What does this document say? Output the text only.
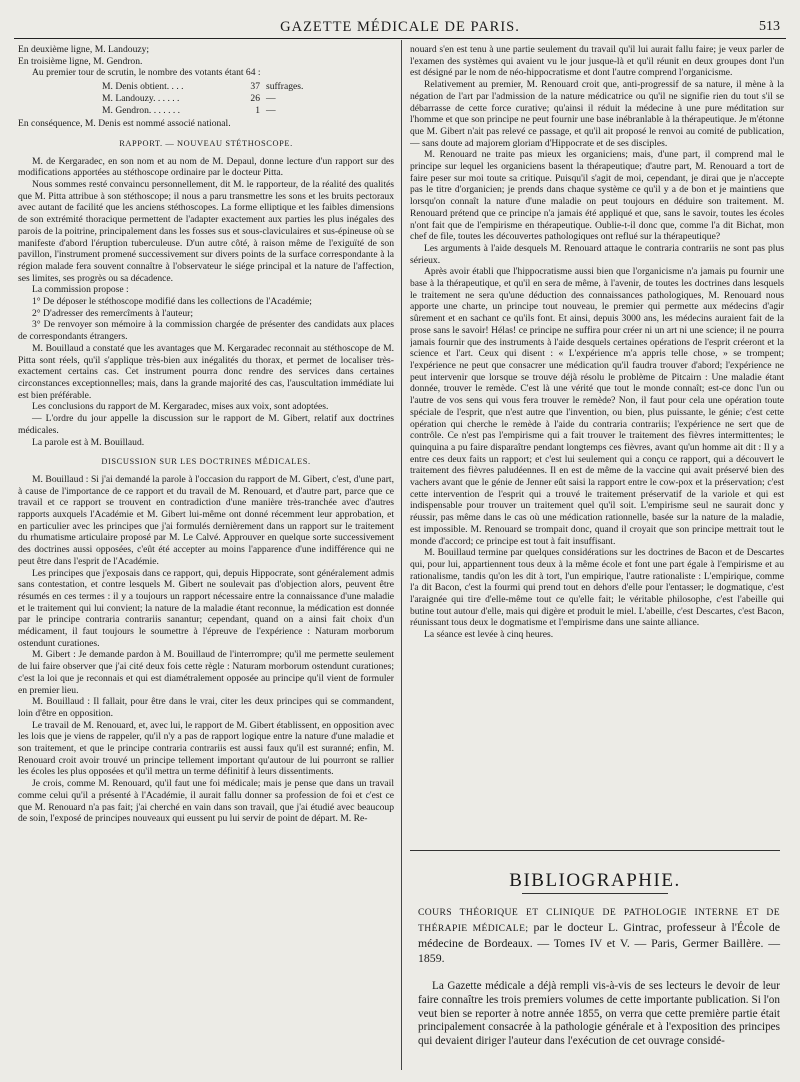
GAZETTE MÉDICALE DE PARIS.	513

En deuxième ligne, M. Landouzy;

En troisième ligne, M. Gendron.

Au premier tour de scrutin, le nombre des votants étant 64 :

M. Denis obtient. . . .	37 suffrages.
M. Landouzy. . . . . .	26 —
M. Gendron. . . . . . .	1 —

En conséquence, M. Denis est nommé associé national.

RAPPORT. — NOUVEAU STÉTHOSCOPE.

M. de Kergaradec, en son nom et au nom de M. Depaul, donne lecture d'un rapport sur des modifications apportées au stéthoscope ordinaire par le docteur Pitta.

Nous sommes resté convaincu personnellement, dit M. le rapporteur, de la réalité des qualités que M. Pitta attribue à son stéthoscope; il nous a paru transmettre les sons et les bruits pectoraux avec autant de facilité que les anciens stéthoscopes. La forme elliptique et les faibles dimensions de son extrémité thoracique permettent de l'adapter exactement aux parties les plus inégales des parois de la poitrine, principalement dans les fosses sus et sous-claviculaires et sus-épineuse où se manifeste d'abord l'éruption tuberculeuse. D'un autre côté, à raison même de l'exiguïté de son pavillon, l'instrument promené successivement sur divers points de la surface correspondante à la région malade fera souvent connaître à l'observateur le siége principal et la nature de l'affection, ses limites, ses progrès ou sa décadence.

La commission propose :

1° De déposer le stéthoscope modifié dans les collections de l'Académie;

2° D'adresser des remercîments à l'auteur;

3° De renvoyer son mémoire à la commission chargée de présenter des candidats aux places de correspondants étrangers.

M. Bouillaud a constaté que les avantages que M. Kergaradec reconnait au stéthoscope de M. Pitta sont réels, qu'il s'applique très-bien aux inégalités du thorax, et permet de localiser très-exactement certains cas. Cet instrument pourra donc rendre des services dans certaines circonstances exceptionnelles; mais, dans la grande majorité des cas, l'auscultation immédiate lui est bien préférable.

Les conclusions du rapport de M. Kergaradec, mises aux voix, sont adoptées.

— L'ordre du jour appelle la discussion sur le rapport de M. Gibert, relatif aux doctrines médicales.

La parole est à M. Bouillaud.

DISCUSSION SUR LES DOCTRINES MÉDICALES.

M. Bouillaud : Si j'ai demandé la parole à l'occasion du rapport de M. Gibert, c'est, d'une part, à cause de l'importance de ce rapport et du travail de M. Renouard, et d'autre part, parce que ce travail et ce rapport se trouvent en contradiction d'une manière très-tranchée avec d'autres rapports auxquels l'Académie et M. Gibert lui-même ont donné récemment leur approbation, et en particulier avec les principes que j'ai formulés dernièrement dans un rapport sur le traitement du rhumatisme articulaire proposé par M. Le Calvé. Approuver en quelque sorte successivement des doctrines aussi opposées, c'eût été accepter au moins l'apparence d'une indifférence qui ne peut être dans l'esprit de l'Académie.

Les principes que j'exposais dans ce rapport, qui, depuis Hippocrate, sont généralement admis sans contestation, et contre lesquels M. Gibert ne soulevait pas d'objection alors, peuvent être résumés en ces termes : il y a toujours un rapport nécessaire entre la connaissance d'une maladie et le traitement qui lui convient; la nature de la maladie étant reconnue, la médication est donnée par le principe contraria contrariis sanantur; cependant, quand on a ainsi fait choix d'un médicament, il faut toujours le soumettre à l'épreuve de l'expérience : Naturam morborum ostendunt curationes.

M. Gibert : Je demande pardon à M. Bouillaud de l'interrompre; qu'il me permette seulement de lui faire observer que j'ai cité deux fois cette règle : Naturam morborum ostendunt curationes; c'est la loi que je reconnais et qui est diamétralement opposée au principe qu'il vient de formuler en premier lieu.

M. Bouillaud : Il fallait, pour être dans le vrai, citer les deux principes qui se commandent, loin d'être en opposition.

Le travail de M. Renouard, et, avec lui, le rapport de M. Gibert établissent, en opposition avec les lois que je viens de rappeler, qu'il n'y a pas de rapport logique entre la nature d'une maladie et son traitement, et que le principe contraria contrariis est aussi faux qu'il est suranné; enfin, M. Renouard croit avoir trouvé un principe tellement important qu'autour de lui pourront se rallier les écoles les plus opposées et qu'il mettra un terme définitif à leurs dissentiments.

Je crois, comme M. Renouard, qu'il faut une foi médicale; mais je pense que dans un travail comme celui qu'il a présenté à l'Académie, il aurait fallu donner sa profession de foi et c'est ce que M. Renouard n'a pas fait; j'ai cherché en vain dans son travail, que j'ai étudié avec beaucoup de soin, l'exposé de principes nouveaux qui eussent pu lui servir de point de départ. M. Re-

nouard s'en est tenu à une partie seulement du travail qu'il lui aurait fallu faire; je veux parler de l'examen des systèmes qui avaient vu le jour jusque-là et qu'il réunit en deux groupes dont l'un est désigné par le nom de néo-hippocratisme et dont l'autre comprend l'organicisme.

Relativement au premier, M. Renouard croit que, anti-progressif de sa nature, il mène à la négation de l'art par l'admission de la nature médicatrice ou qu'il ne signifie rien du tout s'il se débarrasse de cette force curative; qu'ainsi il réduit la médecine à une pure méditation sur l'homme et que son principe ne peut fournir une base inébranlable à la thérapeutique. Je m'étonne que M. Gibert n'ait pas relevé ce passage, et qu'il ait proposé le renvoi au comité de publication, — sans doute ad majorem gloriam d'Hippocrate et de ses disciples.

M. Renouard ne traite pas mieux les organiciens; mais, d'une part, il comprend mal le principe sur lequel les organiciens basent la thérapeutique; d'autre part, M. Renouard a tort de faire peser sur moi toute sa critique. Puisqu'il s'agit de moi, cependant, je dirai que je n'accepte pas le titre d'organicien; je prends dans chaque système ce qu'il y a de bon et je maintiens que lorsqu'on connaît la nature d'une maladie on peut toujours en déduire son traitement. M. Renouard prétend que ce principe n'a jamais été appliqué et que, sans le savoir, toutes les écoles n'ont fait que de l'empirisme en thérapeutique. Oublie-t-il donc que, comme l'a dit Bichat, mon chef de file, toutes les découvertes pathologiques ont reflué sur la thérapeutique?

Les arguments à l'aide desquels M. Renouard attaque le contraria contrariis ne sont pas plus sérieux.

Après avoir établi que l'hippocratisme aussi bien que l'organicisme n'a jamais pu fournir une base à la thérapeutique, et qu'il en sera de même, à l'avenir, de toutes les doctrines dans lesquels le traitement ne sera qu'une déduction des connaissances pathologiques, M. Renouard nous apporte une charte, un principe tout nouveau, le premier qui permette aux médecins d'agir sûrement et en sachant ce qu'ils font. Et ainsi, depuis 3000 ans, les médecins auraient fait de la prose sans le savoir! Hélas! ce principe ne suffira pour créer ni un art ni une science; il ne pourra jamais fournir que des instruments à l'aide desquels certaines opérations de l'esprit créeront et la science et l'art. Ceux qui disent : « L'expérience m'a appris telle chose, » se trompent; l'expérience ne peut que consacrer une médication qu'il faudra trouver d'abord; l'expérience ne peut intervenir que lorsque se trouve déjà résolu le problème de Pitcairn : Une maladie étant donnée, trouver le remède. C'est là une vérité que tout le monde connaît; est-ce donc l'un ou l'autre de vos sens qui vous fera trouver le remède? Non, il faut pour cela une opération toute spéciale de l'esprit, que n'est autre que l'invention, ou bien, plus puissante, le génie; c'est cette opération qui cherche le remède à l'aide du contraria contrariis; l'expérience ne sert que de contrôle. Ce n'est pas l'empirisme qui a fait trouver le traitement des fièvres intermittentes; le quinquina a pu faire disparaître pendant longtemps ces fièvres, avant qu'un homme ait dit : Il y a entre ces deux faits un rapport; et c'est lui seulement qui a conçu ce rapport, qui a découvert le traitement des fièvres paludéennes. Il en est de même de la vaccine qui avait préservé bien des vachers avant que le génie de Jenner eût saisi la rapport entre le cow-pox et la préservation; c'est cette intervention de l'esprit qui a trouvé le traitement préservatif de la variole et qui est indispensable pour trouver un traitement quel qu'il soit. L'empirisme seul ne saurait donc y réussir, pas même dans le cas où une médication rationnelle, basée sur la nature de la maladie, est impossible. M. Renouard se trompait donc, quand il croyait que son principe mettrait tout le monde d'accord; ce principe est tout à fait insuffisant.

M. Bouillaud termine par quelques considérations sur les doctrines de Bacon et de Descartes qui, pour lui, appartiennent tous deux à la même école et font une part égale à l'empirisme et au rationalisme, tandis qu'on les dit à tort, l'un empirique, l'autre rationaliste : L'empirique, comme l'a dit Bacon, c'est la fourmi qui prend tout en dehors d'elle pour l'entasser; le dogmatique, c'est l'araignée qui tire d'elle-même tout ce qu'elle fait; le véritable philosophe, c'est l'abeille qui butine tout autour d'elle, mais qui digère et produit le miel. L'abeille, c'est Descartes, c'est Bacon, réunissant tous deux le dogmatisme et l'empirisme dans une sainte alliance.

La séance est levée à cinq heures.

BIBLIOGRAPHIE.
COURS THÉORIQUE ET CLINIQUE DE PATHOLOGIE INTERNE ET DE THÉRAPIE MÉDICALE; par le docteur L. Gintrac, professeur à l'École de médecine de Bordeaux. — Tomes IV et V. — Paris, Germer Baillère. — 1859.

La Gazette médicale a déjà rempli vis-à-vis de ses lecteurs le devoir de leur faire connaître les trois premiers volumes de cette importante publication. Si l'on veut bien se reporter à notre année 1855, on verra que cette première partie était principalement consacrée à la pathologie générale et à l'exposition des principes qui devaient diriger l'auteur dans l'exécution de cet ouvrage considé-
